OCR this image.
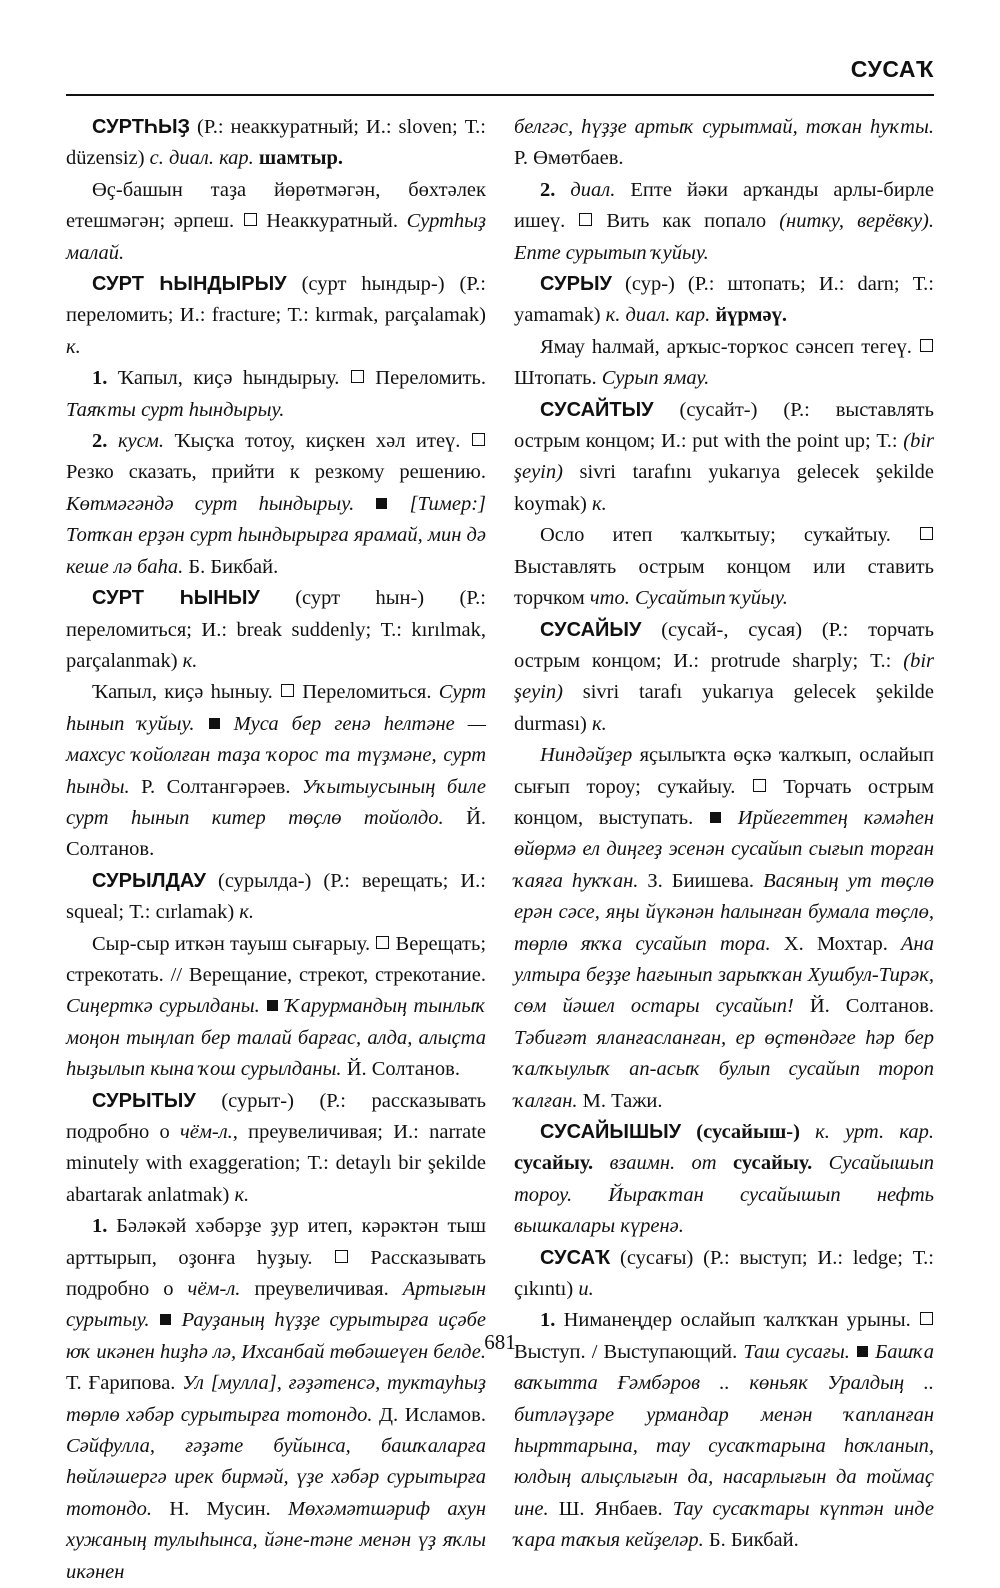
СУСАҠ

СУРТҺЫҘ (Р.: неаккуратный; И.: sloven; Т.: düzensiz) с. диал. кар. шамтыр.

Өҫ-башын таҙа йөрөтмәгән, бөхтәлек етешмәгән; әрпеш.  Неаккуратный. Суртһыҙ малай.

СУРТ ҺЫНДЫРЫУ (сурт һындыр-) (Р.: переломить; И.: fracture; Т.: kırmak, parçalamak) к.

1. Ҡапыл, киҫә һындырыу.  Переломить. Таяҡты сурт һындырыу.

2. кусм. Ҡыҫҡа тотоу, киҫкен хәл итеү.  Резко сказать, прийти к резкому решению. Көтмәгәндә сурт һындырыу.  [Тимер:] Тотҡан ерҙән сурт һындырырға ярамай, мин дә кеше лә баһа. Б. Бикбай.

СУРТ ҺЫНЫУ (сурт һын-) (Р.: переломиться; И.: break suddenly; Т.: kırılmak, parçalanmak) к.

Ҡапыл, киҫә һыныу.  Переломиться. Сурт һынып ҡуйыу.  Муса бер генә һелтәне — махсус ҡойолған таҙа ҡорос та түҙмәне, сурт һынды. Р. Солтангәрәев. Уҡытыусының биле сурт һынып китер төҫлө тойолдо. Й. Солтанов.

СУРЫЛДАУ (сурылда-) (Р.: верещать; И.: squeal; Т.: cırlamak) к.

Сыр-сыр иткән тауыш сығарыу.  Верещать; стрекотать. // Верещание, стрекот, стрекотание. Сиңерткә сурылданы.  Ҡарурмандың тынлыҡ моңон тыңлап бер талай барғас, алда, алыҫта һыҙылып кына ҡош сурылданы. Й. Солтанов.

СУРЫТЫУ (сурыт-) (Р.: рассказывать подробно о чём-л., преувеличивая; И.: narrate minutely with exaggeration; Т.: detaylı bir şekilde abartarak anlatmak) к.

1. Бәләкәй хәбәрҙе ҙур итеп, кәрәктән тыш арттырып, оҙонға һуҙыу.  Рассказывать подробно о чём-л. преувеличивая. Артығын сурытыу.  Рауҙаның һүҙҙе сурытырға иҫәбе юҡ икәнен һиҙһә лә, Ихсанбай төбәшеүен белде. Т. Ғарипова. Ул [мулла], ғәҙәтенсә, туктауһыҙ төрлө хәбәр сурытырға тотондо. Д. Исламов. Сәйфулла, ғәҙәте буйынса, башҡаларға һөйләшергә ирек бирмәй, үҙе хәбәр сурытырға тотондо. Н. Мусин. Мөхәмәтшәриф ахун хужаның тулыһынса, йәне-тәне менән үҙ яҡлы икәнен

белгәс, һүҙҙе артыҡ сурытмай, тоҡан һуҡты. Р. Өмөтбаев.

2. диал. Епте йәки арҡанды арлы-бирле ишеү.  Вить как попало (нитку, верёвку). Епте сурытып ҡуйыу.

СУРЫУ (сур-) (Р.: штопать; И.: darn; Т.: yamamak) к. диал. кар. йүрмәү.

Ямау һалмай, арҡыс-торҡос сәнсеп тегеү.  Штопать. Сурып ямау.

СУСАЙТЫУ (сусайт-) (Р.: выставлять острым концом; И.: put with the point up; Т.: (bir şeyin) sivri tarafını yukarıya gelecek şekilde koymak) к.

Осло итеп ҡалҡытыу; суҡайтыу.  Выставлять острым концом или ставить торчком что. Сусайтып ҡуйыу.

СУСАЙЫУ (сусай-, сусая) (Р.: торчать острым концом; И.: protrude sharply; Т.: (bir şeyin) sivri tarafı yukarıya gelecek şekilde durması) к.

Ниндәйҙер яҫылыҡта өҫкә ҡалҡып, ослайып сығып тороу; суҡайыу.  Торчать острым концом, выступать.  Ирйегеттең кәмәһен өйөрмә ел диңгеҙ эсенән сусайып сығып торған ҡаяға һуҡҡан. З. Биишева. Васяның ут төҫлө ерән сәсе, яңы йүкәнән һалынған бумала төҫлө, төрлө яҡҡа сусайып тора. Х. Мохтар. Ана ултыра беҙҙе һағынып зарыҡҡан Хушбул-Тирәк, сөм йәшел остары сусайып! Й. Солтанов. Тәбиғәт яланғасланған, ер өҫтөндәге һәр бер ҡалҡыулыҡ ап-асыҡ булып сусайып тороп ҡалған. М. Тажи.

СУСАЙЫШЫУ (сусайыш-) к. урт. кар. сусайыу. взаимн. от сусайыу. Сусайышып тороу. Йыраҡтан сусайышып нефть вышкалары күренә.

СУСАҠ (сусағы) (Р.: выступ; И.: ledge; Т.: çıkıntı) и.

1. Ниманеңдер ослайып ҡалҡҡан урыны.  Выступ. / Выступающий. Таш сусағы.  Башҡа ваҡытта Ғәмбәров .. көньяк Уралдың .. битләүҙәре урмандар менән ҡапланған һырттарына, тау сусаҡтарына һоҡланып, юлдың алыҫлығын да, насарлығын да тоймаҫ ине. Ш. Янбаев. Тау сусаҡтары күптән инде ҡара таҡыя кейҙеләр. Б. Бикбай.

681
